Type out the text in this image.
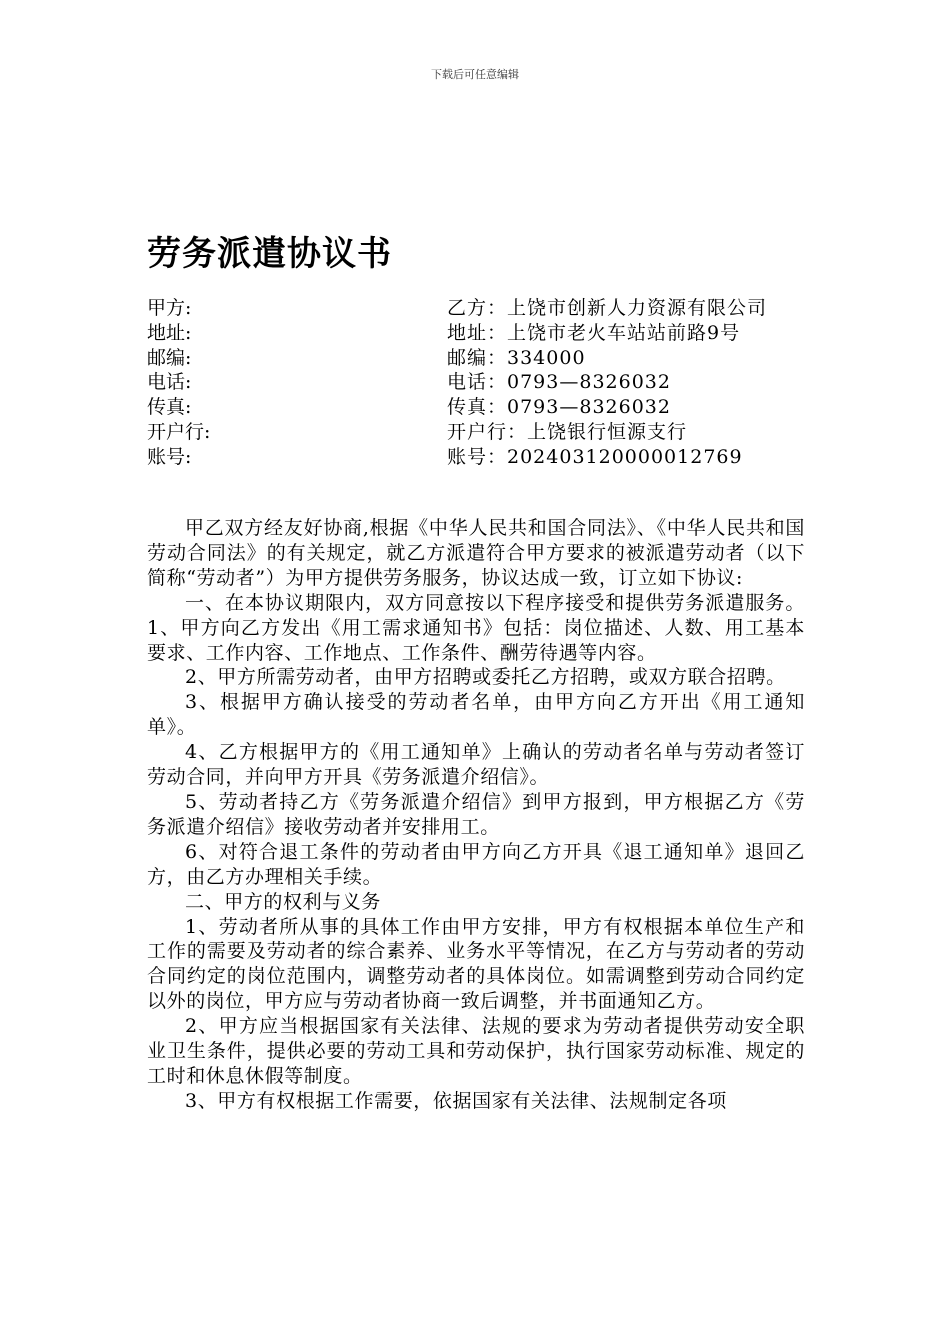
下载后可任意编辑
劳务派遣协议书
甲方:	乙方：上饶市创新人力资源有限公司
地址:	地址：上饶市老火车站站前路9号
邮编:	邮编：334000
电话:	电话：0793—8326032
传真:	传真：0793—8326032
开户行:	开户行：上饶银行恒源支行
账号:	账号：202403120000012769

甲乙双方经友好协商,根据《中华人民共和国合同法》、《中华人民共和国劳动合同法》的有关规定，就乙方派遣符合甲方要求的被派遣劳动者（以下简称“劳动者”）为甲方提供劳务服务，协议达成一致，订立如下协议:

一、在本协议期限内，双方同意按以下程序接受和提供劳务派遣服务。1、甲方向乙方发出《用工需求通知书》包括：岗位描述、人数、用工基本要求、工作内容、工作地点、工作条件、酬劳待遇等内容。

2、甲方所需劳动者，由甲方招聘或委托乙方招聘，或双方联合招聘。

3、根据甲方确认接受的劳动者名单，由甲方向乙方开出《用工通知单》。

4、乙方根据甲方的《用工通知单》上确认的劳动者名单与劳动者签订劳动合同，并向甲方开具《劳务派遣介绍信》。

5、劳动者持乙方《劳务派遣介绍信》到甲方报到，甲方根据乙方《劳务派遣介绍信》接收劳动者并安排用工。

6、对符合退工条件的劳动者由甲方向乙方开具《退工通知单》退回乙方，由乙方办理相关手续。

二、甲方的权利与义务

1、劳动者所从事的具体工作由甲方安排，甲方有权根据本单位生产和工作的需要及劳动者的综合素养、业务水平等情况，在乙方与劳动者的劳动合同约定的岗位范围内，调整劳动者的具体岗位。如需调整到劳动合同约定以外的岗位，甲方应与劳动者协商一致后调整，并书面通知乙方。

2、甲方应当根据国家有关法律、法规的要求为劳动者提供劳动安全职业卫生条件，提供必要的劳动工具和劳动保护，执行国家劳动标准、规定的工时和休息休假等制度。

3、甲方有权根据工作需要，依据国家有关法律、法规制定各项
